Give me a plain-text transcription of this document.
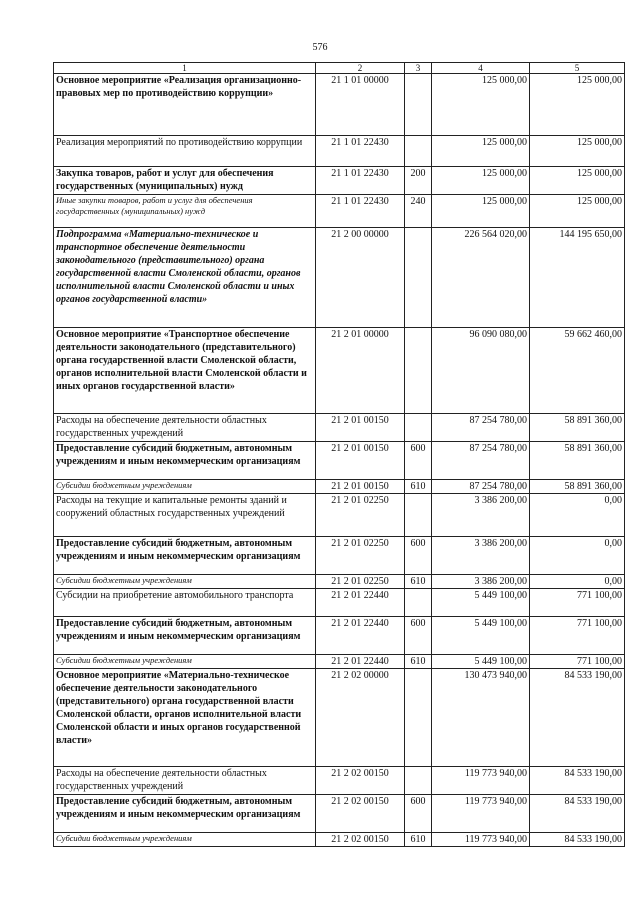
576
1	2	3	4	5
Основное мероприятие «Реализация организационно-правовых мер по противодействию коррупции»	21 1 01 00000		125 000,00	125 000,00
Реализация мероприятий по противодействию коррупции	21 1 01 22430		125 000,00	125 000,00
Закупка товаров, работ и услуг для обеспечения государственных (муниципальных) нужд	21 1 01 22430	200	125 000,00	125 000,00
Иные закупки товаров, работ и услуг для обеспечения государственных (муниципальных) нужд	21 1 01 22430	240	125 000,00	125 000,00
Подпрограмма «Материально-техническое и транспортное обеспечение деятельности законодательного (представительного) органа государственной власти Смоленской области, органов исполнительной власти Смоленской области и иных органов государственной власти»	21 2 00 00000		226 564 020,00	144 195 650,00
Основное мероприятие «Транспортное обеспечение деятельности законодательного (представительного) органа государственной власти Смоленской области, органов исполнительной власти Смоленской области и иных органов государственной власти»	21 2 01 00000		96 090 080,00	59 662 460,00
Расходы на обеспечение деятельности областных государственных учреждений	21 2 01 00150		87 254 780,00	58 891 360,00
Предоставление субсидий бюджетным, автономным учреждениям и иным некоммерческим организациям	21 2 01 00150	600	87 254 780,00	58 891 360,00
Субсидии бюджетным учреждениям	21 2 01 00150	610	87 254 780,00	58 891 360,00
Расходы на текущие и капитальные ремонты зданий и сооружений областных государственных учреждений	21 2 01 02250		3 386 200,00	0,00
Предоставление субсидий бюджетным, автономным учреждениям и иным некоммерческим организациям	21 2 01 02250	600	3 386 200,00	0,00
Субсидии бюджетным учреждениям	21 2 01 02250	610	3 386 200,00	0,00
Субсидии на приобретение автомобильного транспорта	21 2 01 22440		5 449 100,00	771 100,00
Предоставление субсидий бюджетным, автономным учреждениям и иным некоммерческим организациям	21 2 01 22440	600	5 449 100,00	771 100,00
Субсидии бюджетным учреждениям	21 2 01 22440	610	5 449 100,00	771 100,00
Основное мероприятие «Материально-техническое обеспечение деятельности законодательного (представительного) органа государственной власти Смоленской области, органов исполнительной власти Смоленской области и иных органов государственной власти»	21 2 02 00000		130 473 940,00	84 533 190,00
Расходы на обеспечение деятельности областных государственных учреждений	21 2 02 00150		119 773 940,00	84 533 190,00
Предоставление субсидий бюджетным, автономным учреждениям и иным некоммерческим организациям	21 2 02 00150	600	119 773 940,00	84 533 190,00
Субсидии бюджетным учреждениям	21 2 02 00150	610	119 773 940,00	84 533 190,00
